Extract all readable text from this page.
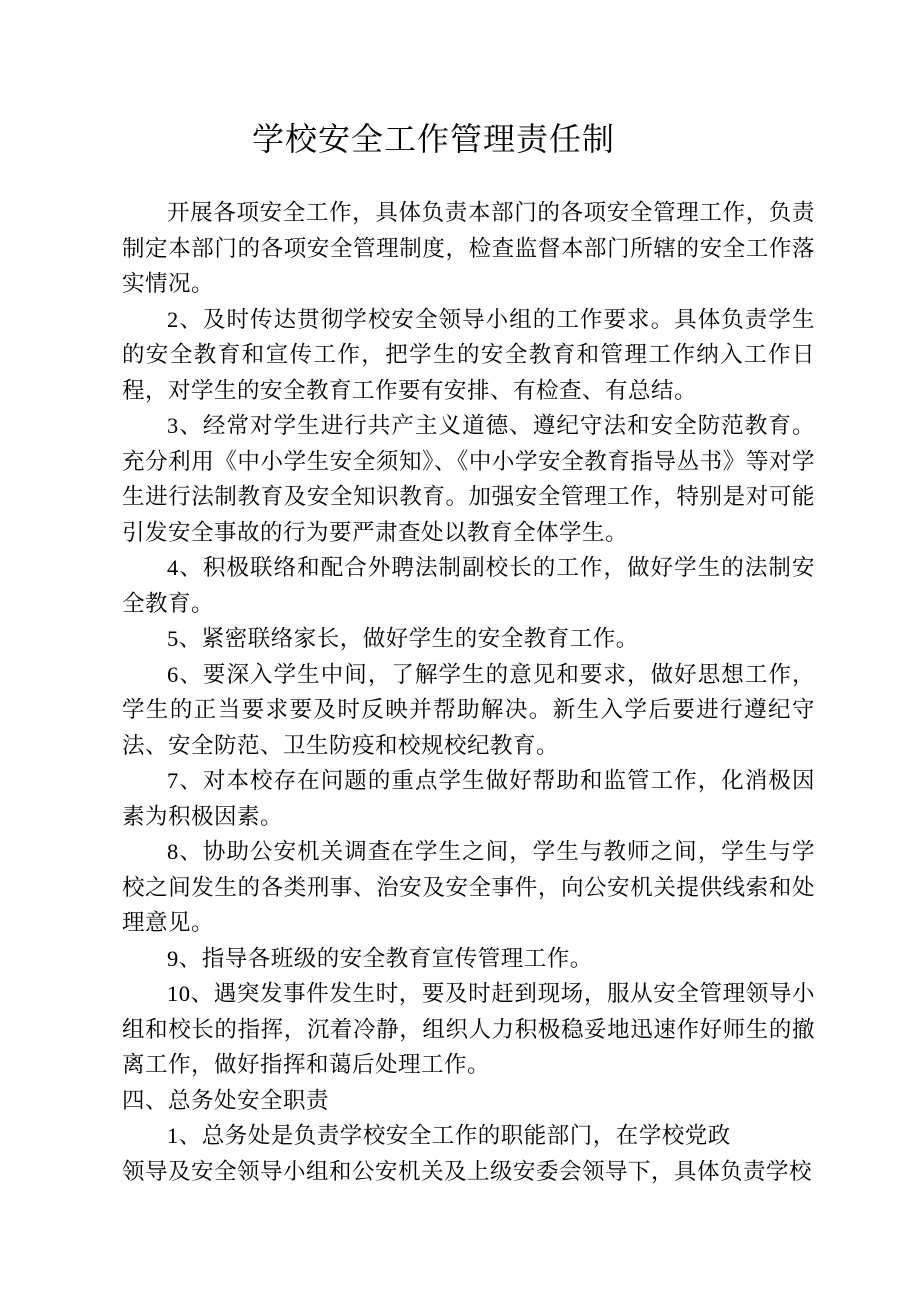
学校安全工作管理责任制

开展各项安全工作，具体负责本部门的各项安全管理工作，负责制定本部门的各项安全管理制度，检查监督本部门所辖的安全工作落实情况。

2、及时传达贯彻学校安全领导小组的工作要求。具体负责学生的安全教育和宣传工作，把学生的安全教育和管理工作纳入工作日程，对学生的安全教育工作要有安排、有检查、有总结。

3、经常对学生进行共产主义道德、遵纪守法和安全防范教育。充分利用《中小学生安全须知》、《中小学安全教育指导丛书》等对学生进行法制教育及安全知识教育。加强安全管理工作，特别是对可能引发安全事故的行为要严肃查处以教育全体学生。

4、积极联络和配合外聘法制副校长的工作，做好学生的法制安全教育。

5、紧密联络家长，做好学生的安全教育工作。

6、要深入学生中间，了解学生的意见和要求，做好思想工作，学生的正当要求要及时反映并帮助解决。新生入学后要进行遵纪守法、安全防范、卫生防疫和校规校纪教育。

7、对本校存在问题的重点学生做好帮助和监管工作，化消极因素为积极因素。

8、协助公安机关调查在学生之间，学生与教师之间，学生与学校之间发生的各类刑事、治安及安全事件，向公安机关提供线索和处理意见。

9、指导各班级的安全教育宣传管理工作。

10、遇突发事件发生时，要及时赶到现场，服从安全管理领导小组和校长的指挥，沉着冷静，组织人力积极稳妥地迅速作好师生的撤离工作，做好指挥和蔼后处理工作。

四、总务处安全职责

1、总务处是负责学校安全工作的职能部门，在学校党政

领导及安全领导小组和公安机关及上级安委会领导下，具体负责学校
